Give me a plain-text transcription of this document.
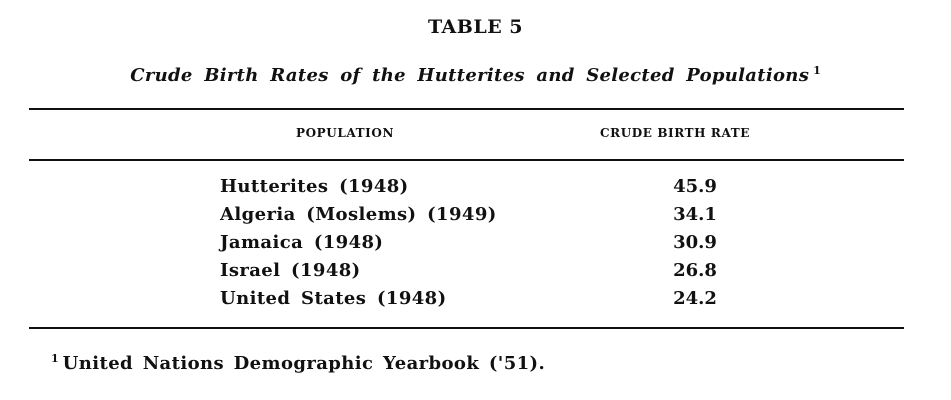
TABLE 5
Crude Birth Rates of the Hutterites and Selected Populations $^1$
POPULATION	CRUDE BIRTH RATE
Hutterites (1948)	45.9
Algeria (Moslems) (1949)	34.1
Jamaica (1948)	30.9
Israel (1948)	26.8
United States (1948)	24.2
$^1$ United Nations Demographic Yearbook ('51).
